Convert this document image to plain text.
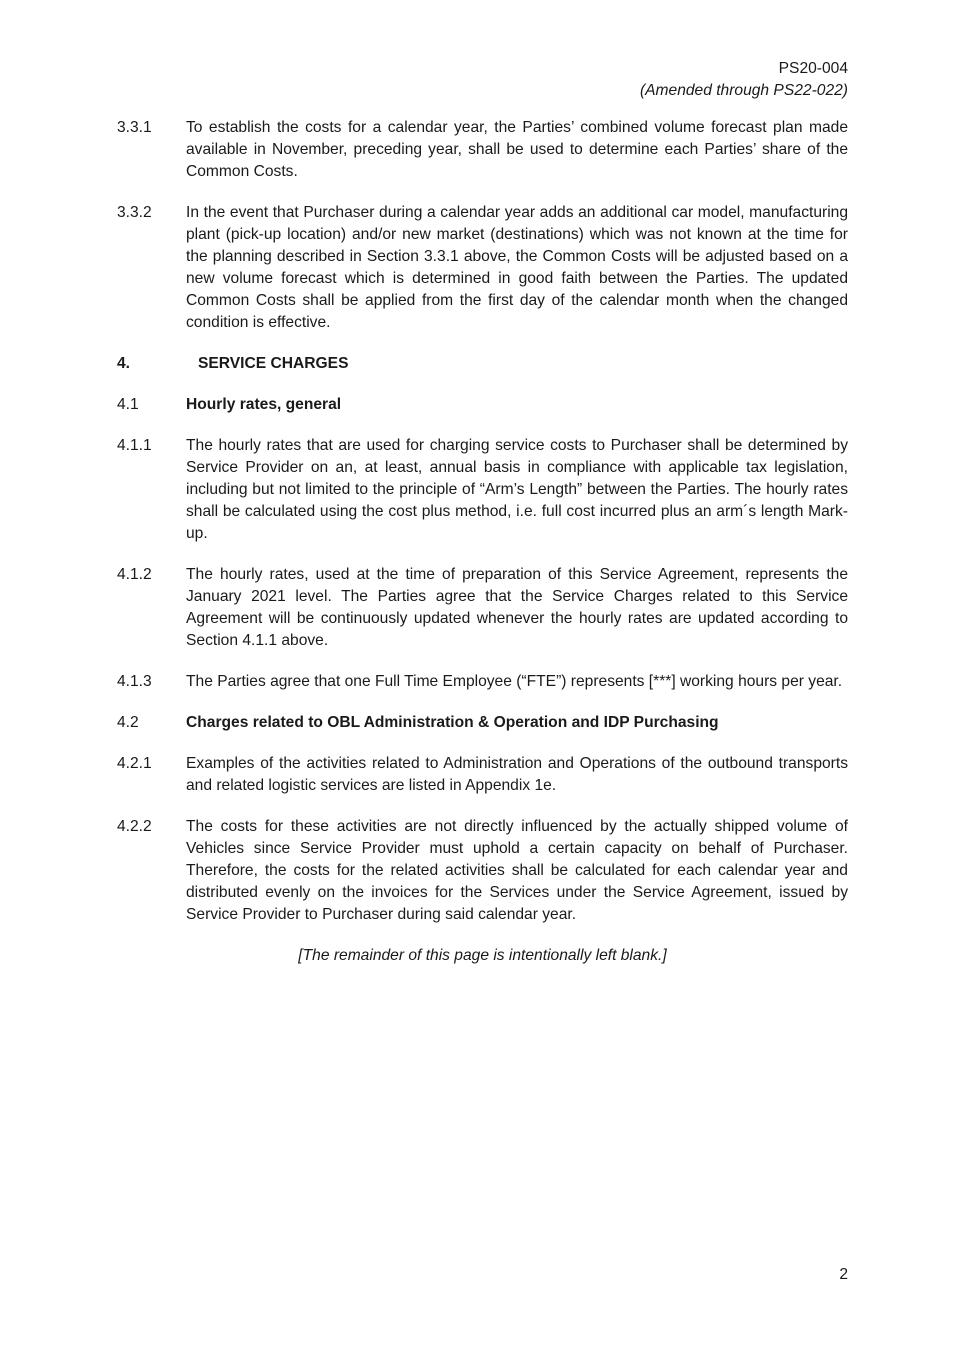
PS20-004
(Amended through PS22-022)
3.3.1	To establish the costs for a calendar year, the Parties’ combined volume forecast plan made available in November, preceding year, shall be used to determine each Parties’ share of the Common Costs.
3.3.2	In the event that Purchaser during a calendar year adds an additional car model, manufacturing plant (pick-up location) and/or new market (destinations) which was not known at the time for the planning described in Section 3.3.1 above, the Common Costs will be adjusted based on a new volume forecast which is determined in good faith between the Parties. The updated Common Costs shall be applied from the first day of the calendar month when the changed condition is effective.
4.	SERVICE CHARGES
4.1	Hourly rates, general
4.1.1	The hourly rates that are used for charging service costs to Purchaser shall be determined by Service Provider on an, at least, annual basis in compliance with applicable tax legislation, including but not limited to the principle of “Arm’s Length” between the Parties. The hourly rates shall be calculated using the cost plus method, i.e. full cost incurred plus an arm´s length Mark-up.
4.1.2	The hourly rates, used at the time of preparation of this Service Agreement, represents the January 2021 level. The Parties agree that the Service Charges related to this Service Agreement will be continuously updated whenever the hourly rates are updated according to Section 4.1.1 above.
4.1.3	The Parties agree that one Full Time Employee (“FTE”) represents [***] working hours per year.
4.2	Charges related to OBL Administration & Operation and IDP Purchasing
4.2.1	Examples of the activities related to Administration and Operations of the outbound transports and related logistic services are listed in Appendix 1e.
4.2.2	The costs for these activities are not directly influenced by the actually shipped volume of Vehicles since Service Provider must uphold a certain capacity on behalf of Purchaser. Therefore, the costs for the related activities shall be calculated for each calendar year and distributed evenly on the invoices for the Services under the Service Agreement, issued by Service Provider to Purchaser during said calendar year.
[The remainder of this page is intentionally left blank.]
2
